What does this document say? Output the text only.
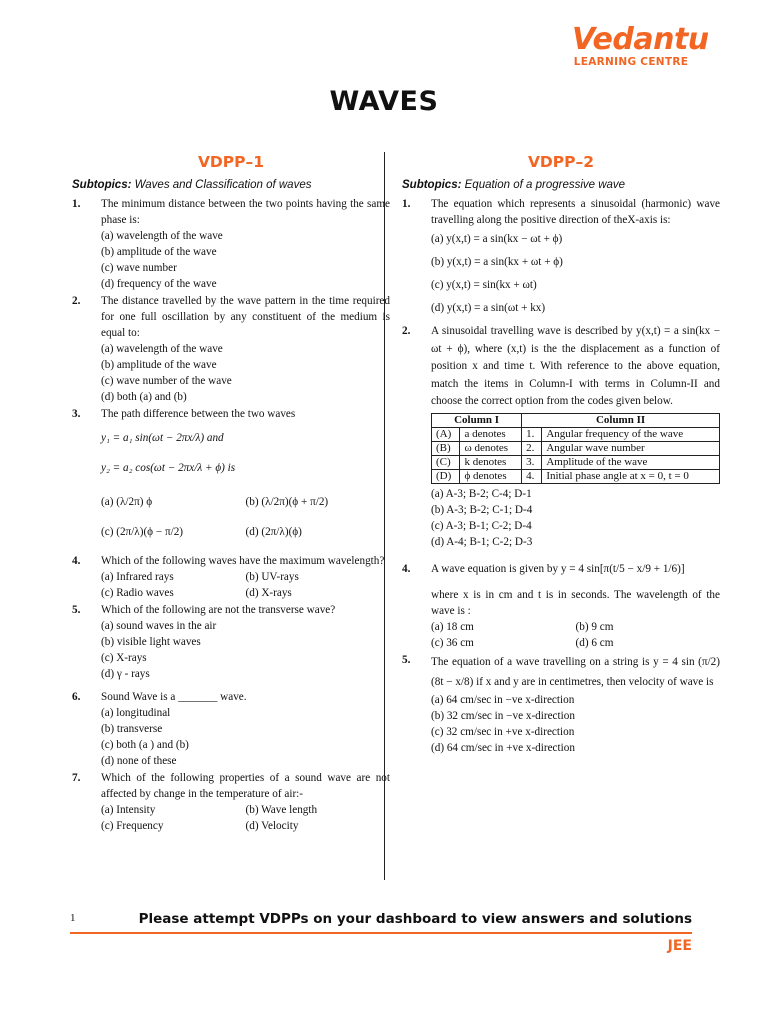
Vedantu
LEARNING CENTRE
WAVES
VDPP–1
Subtopics: Waves and Classification of waves
1.	The minimum distance between the two points having the same phase is:
(a) wavelength of the wave
(b) amplitude of the wave
(c) wave number
(d) frequency of the wave
2.	The distance travelled by the wave pattern in the time required for one full oscillation by any constituent of the medium is equal to:
(a) wavelength of the wave
(b) amplitude of the wave
(c) wave number of the wave
(d) both (a) and (b)
3.	The path difference between the two waves
y₁ = a₁ sin(ωt − 2πx/λ) and
y₂ = a₂ cos(ωt − 2πx/λ + ϕ) is
(a) (λ/2π) ϕ	(b) (λ/2π)(ϕ + π/2)
(c) (2π/λ)(ϕ − π/2)	(d) (2π/λ)(ϕ)
4.	Which of the following waves have the maximum wavelength?
(a) Infrared rays	(b) UV-rays
(c) Radio waves	(d) X-rays
5.	Which of the following are not the transverse wave?
(a) sound waves in the air
(b) visible light waves
(c) X-rays
(d) γ - rays
6.	Sound Wave is a _______ wave.
(a) longitudinal
(b) transverse
(c) both (a ) and (b)
(d) none of these
7.	Which of the following properties of a sound wave are not affected by change in the temperature of air:-
(a) Intensity	(b) Wave length
(c) Frequency	(d) Velocity
VDPP–2
Subtopics: Equation of a progressive wave
1.	The equation which represents a sinusoidal (harmonic) wave travelling along the positive direction of theX-axis is:
(a) y(x,t) = a sin(kx − ωt + ϕ)
(b) y(x,t) = a sin(kx + ωt + ϕ)
(c) y(x,t) = sin(kx + ωt)
(d) y(x,t) = a sin(ωt + kx)
2.	A sinusoidal travelling wave is described by y(x,t) = a sin(kx − ωt + ϕ), where (x,t) is the the displacement as a function of position x and time t. With reference to the above equation, match the items in Column-I with terms in Column-II and choose the correct option from the codes given below.
Column I		Column II	
(A)	a denotes	1.	Angular frequency of the wave
(B)	ω denotes	2.	Angular wave number
(C)	k denotes	3.	Amplitude of the wave
(D)	ϕ denotes	4.	Initial phase angle at x = 0, t = 0
(a) A-3; B-2; C-4; D-1
(b) A-3; B-2; C-1; D-4
(c) A-3; B-1; C-2; D-4
(d) A-4; B-1; C-2; D-3
4.	A wave equation is given by y = 4 sin[π(t/5 − x/9 + 1/6)]
where x is in cm and t is in seconds. The wavelength of the wave is :
(a) 18 cm	(b) 9 cm
(c) 36 cm	(d) 6 cm
5.	The equation of a wave travelling on a string is y = 4 sin (π/2)(8t − x/8) if x and y are in centimetres, then velocity of wave is
(a) 64 cm/sec in −ve x-direction
(b) 32 cm/sec in −ve x-direction
(c) 32 cm/sec in +ve x-direction
(d) 64 cm/sec in +ve x-direction
1	Please attempt VDPPs on your dashboard to view answers and solutions
JEE
